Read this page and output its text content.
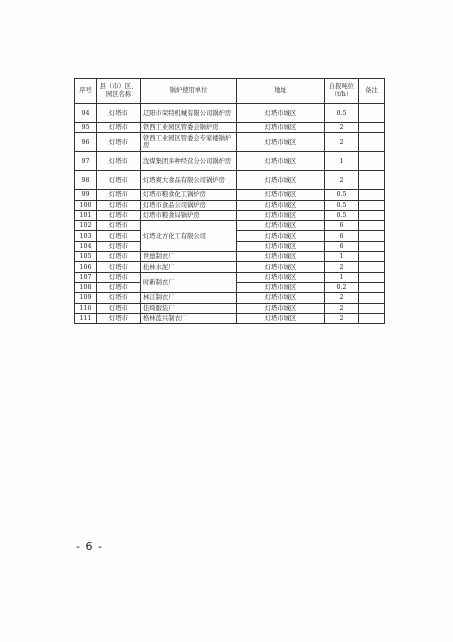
序号	县（市）区、园区名称	锅炉使用单位	地址	自报吨位（t/h）	备注
94	灯塔市	辽阳市荣特机械有限公司锅炉房	灯塔市城区	0.5	
95	灯塔市	铁西工业园区管委会锅炉房	灯塔市城区	2	
96	灯塔市	铁西工业园区管委会专家楼锅炉房	灯塔市城区	2	
97	灯塔市	沈煤集团多种经营分公司锅炉房	灯塔市城区	1	
98	灯塔市	灯塔爽大食品有限公司锅炉房	灯塔市城区	2	
99	灯塔市	灯塔市粮食化工锅炉房	灯塔市城区	0.5	
100	灯塔市	灯塔市食品公司锅炉房	灯塔市城区	0.5	
101	灯塔市	灯塔市粮食局锅炉房	灯塔市城区	0.5	
102	灯塔市	灯塔北方化工有限公司	灯塔市城区	6	
103	灯塔市		灯塔市城区	6	
104	灯塔市		灯塔市城区	6	
105	灯塔市	世德制衣厂	灯塔市城区	1	
106	灯塔市	松林水泥厂	灯塔市城区	2	
107	灯塔市	时新制衣厂	灯塔市城区	1	
108	灯塔市		灯塔市城区	0.2	
109	灯塔市	林江制衣厂	灯塔市城区	2	
110	灯塔市	佳绮服装厂	灯塔市城区	2	
111	灯塔市	格林蓝兴制衣厂	灯塔市城区	2	
- 6 -
